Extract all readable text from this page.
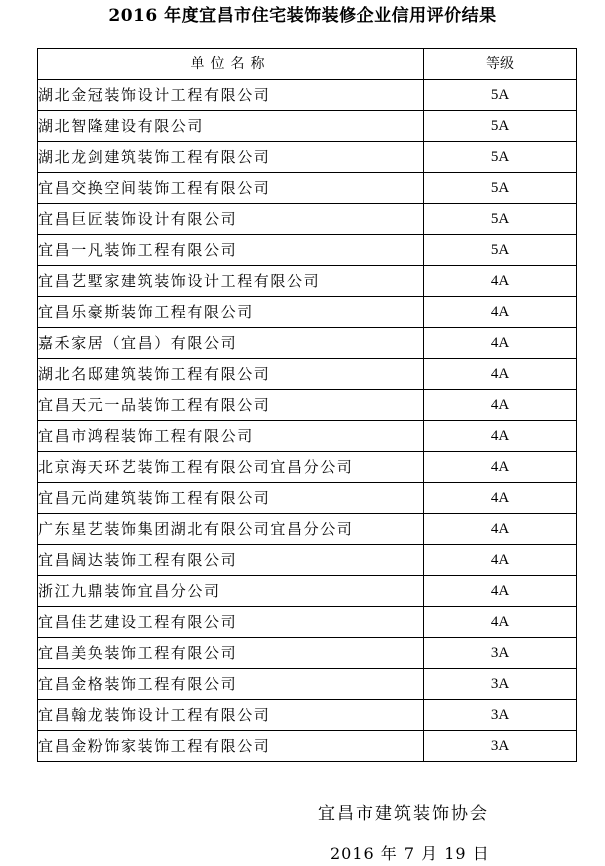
2016 年度宜昌市住宅装饰装修企业信用评价结果
单位名称	等级
湖北金冠装饰设计工程有限公司	5A
湖北智隆建设有限公司	5A
湖北龙剑建筑装饰工程有限公司	5A
宜昌交换空间装饰工程有限公司	5A
宜昌巨匠装饰设计有限公司	5A
宜昌一凡装饰工程有限公司	5A
宜昌艺墅家建筑装饰设计工程有限公司	4A
宜昌乐豪斯装饰工程有限公司	4A
嘉禾家居（宜昌）有限公司	4A
湖北名邸建筑装饰工程有限公司	4A
宜昌天元一品装饰工程有限公司	4A
宜昌市鸿程装饰工程有限公司	4A
北京海天环艺装饰工程有限公司宜昌分公司	4A
宜昌元尚建筑装饰工程有限公司	4A
广东星艺装饰集团湖北有限公司宜昌分公司	4A
宜昌阔达装饰工程有限公司	4A
浙江九鼎装饰宜昌分公司	4A
宜昌佳艺建设工程有限公司	4A
宜昌美奂装饰工程有限公司	3A
宜昌金格装饰工程有限公司	3A
宜昌翰龙装饰设计工程有限公司	3A
宜昌金粉饰家装饰工程有限公司	3A
宜昌市建筑装饰协会
2016 年 7 月 19 日
